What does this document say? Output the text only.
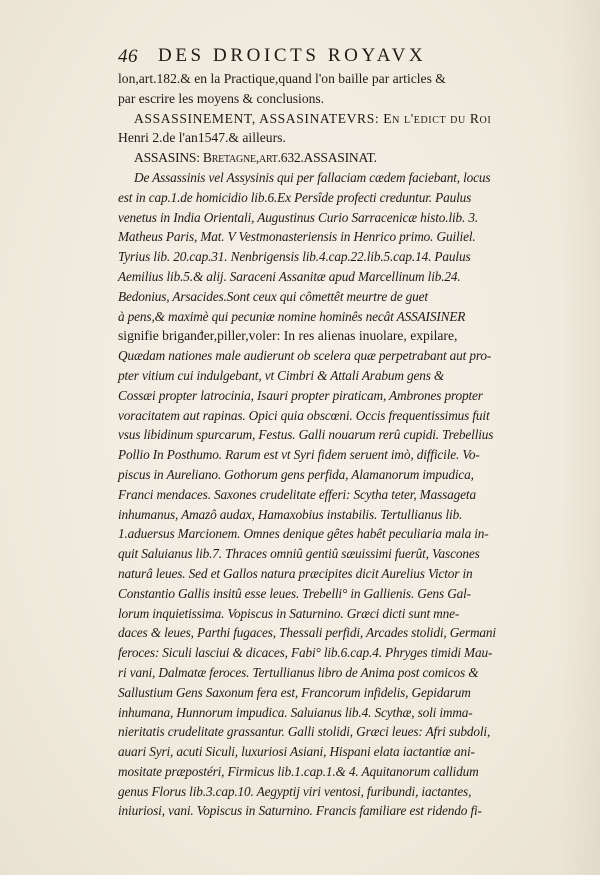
46 DES DROICTS ROYAVX
lon,art.182.& en la Practique,quand l'on baille par articles &
par escrire les moyens & conclusions.
ASSASSINEMENT, ASSASINATEVRS: En l'edict du Roi
Henri 2.de l'an1547.& ailleurs.
ASSASINS: Bretagne,art.632.ASSASINAT.
De Assassinis vel Assysinis qui per fallaciam cædem faciebant, locus
est in cap.1.de homicidio lib.6.Ex Persîde profecti creduntur. Paulus
venetus in India Orientali, Augustinus Curio Sarracenicæ histo.lib. 3.
Matheus Paris, Mat. V Vestmonasteriensis in Henrico primo. Guiliel.
Tyrius lib. 20.cap.31. Nenbrigensis lib.4.cap.22.lib.5.cap.14. Paulus
Aemilius lib.5.& alij. Saraceni Assanitæ apud Marcellinum lib.24.
Bedonius, Arsacides.Sont ceux qui cômettêt meurtre de guet
à pens,& maximè qui pecuniæ nomine hominês necât ASSAISINER
signifie briganđer,piller,voler: In res alienas inuolare, expilare,
Quædam nationes male audierunt ob scelera quæ perpetrabant aut pro-
pter vitium cui indulgebant, vt Cimbri & Attali Arabum gens &
Cossæi propter latrocinia, Isauri propter piraticam, Ambrones propter
voracitatem aut rapinas. Opici quia obscœni. Occis frequentissimus fuit
vsus libidinum spurcarum, Festus. Galli nouarum rerû cupidi. Trebellius
Pollio In Posthumo. Rarum est vt Syri fidem seruent imò, difficile. Vo-
piscus in Aureliano. Gothorum gens perfida, Alamanorum impudica,
Franci mendaces. Saxones crudelitate efferi: Scytha teter, Massageta
inhumanus, Amazô audax, Hamaxobius instabilis. Tertullianus lib.
1.aduersus Marcionem. Omnes denique gêtes habêt peculiaria mala in-
quit Saluianus lib.7. Thraces omniû gentiû sæuissimi fuerût, Vascones
naturâ leues. Sed et Gallos natura præcipites dicit Aurelius Victor in
Constantio Gallis insitû esse leues. Trebelli° in Gallienis. Gens Gal-
lorum inquietissima. Vopiscus in Saturnino. Græci dicti sunt mne-
daces & leues, Parthi fugaces, Thessali perfidi, Arcades stolidi, Germani
feroces: Siculi lasciui & dicaces, Fabi° lib.6.cap.4. Phryges timidi Mau-
ri vani, Dalmatæ feroces. Tertullianus libro de Anima post comicos &
Sallustium Gens Saxonum fera est, Francorum infidelis, Gepidarum
inhumana, Hunnorum impudica. Saluianus lib.4. Scythæ, soli imma-
nieritatis crudelitate grassantur. Galli stolidi, Græci leues: Afri subdoli,
auari Syri, acuti Siculi, luxuriosi Asiani, Hispani elata iactantiæ ani-
mositate præpostéri, Firmicus lib.1.cap.1.& 4. Aquitanorum callidum
genus Florus lib.3.cap.10. Aegyptij viri ventosi, furibundi, iactantes,
iniuriosi, vani. Vopiscus in Saturnino. Francis familiare est ridendo fi-
